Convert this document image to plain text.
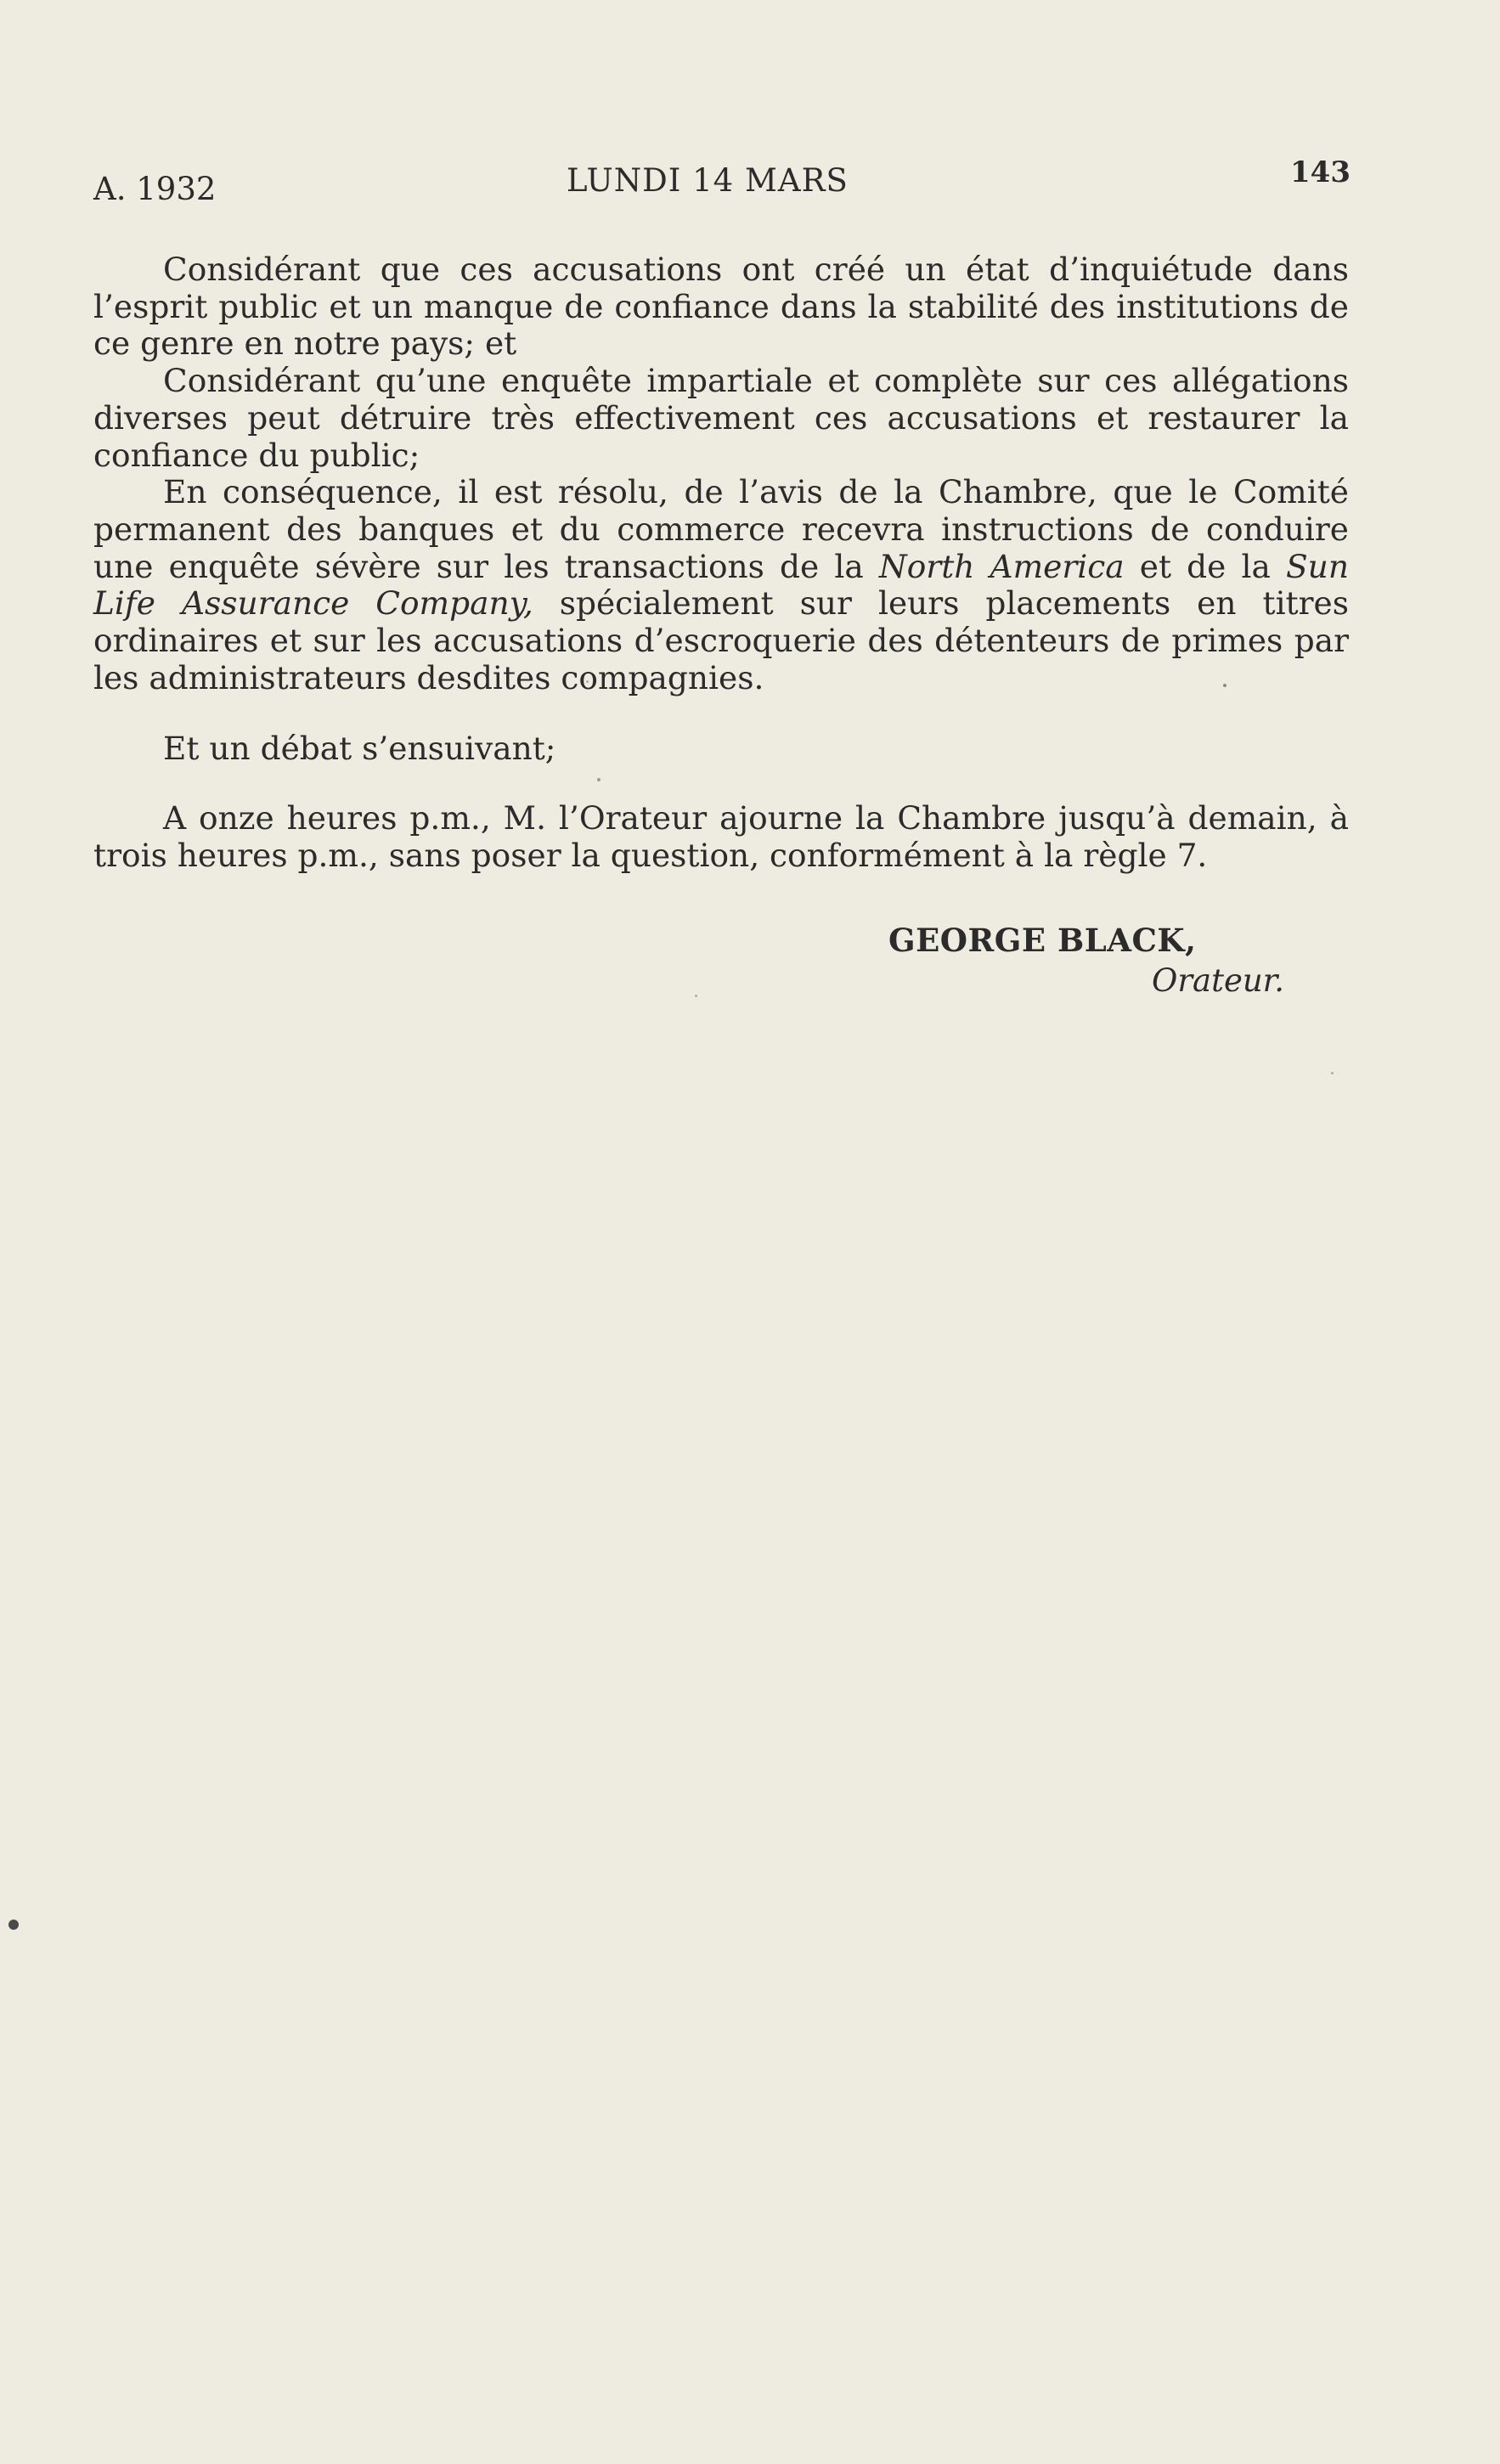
A. 1932	LUNDI 14 MARS	143

Considérant que ces accusations ont créé un état d’inquiétude dans l’esprit public et un manque de confiance dans la stabilité des institutions de ce genre en notre pays; et

Considérant qu’une enquête impartiale et complète sur ces allégations diverses peut détruire très effectivement ces accusations et restaurer la confiance du public;

En conséquence, il est résolu, de l’avis de la Chambre, que le Comité permanent des banques et du commerce recevra instructions de conduire une enquête sévère sur les transactions de la North America et de la Sun Life Assurance Company, spécialement sur leurs placements en titres ordinaires et sur les accusations d’escroquerie des détenteurs de primes par les administrateurs desdites compagnies.

Et un débat s’ensuivant;

A onze heures p.m., M. l’Orateur ajourne la Chambre jusqu’à demain, à trois heures p.m., sans poser la question, conformément à la règle 7.

GEORGE BLACK,
Orateur.
